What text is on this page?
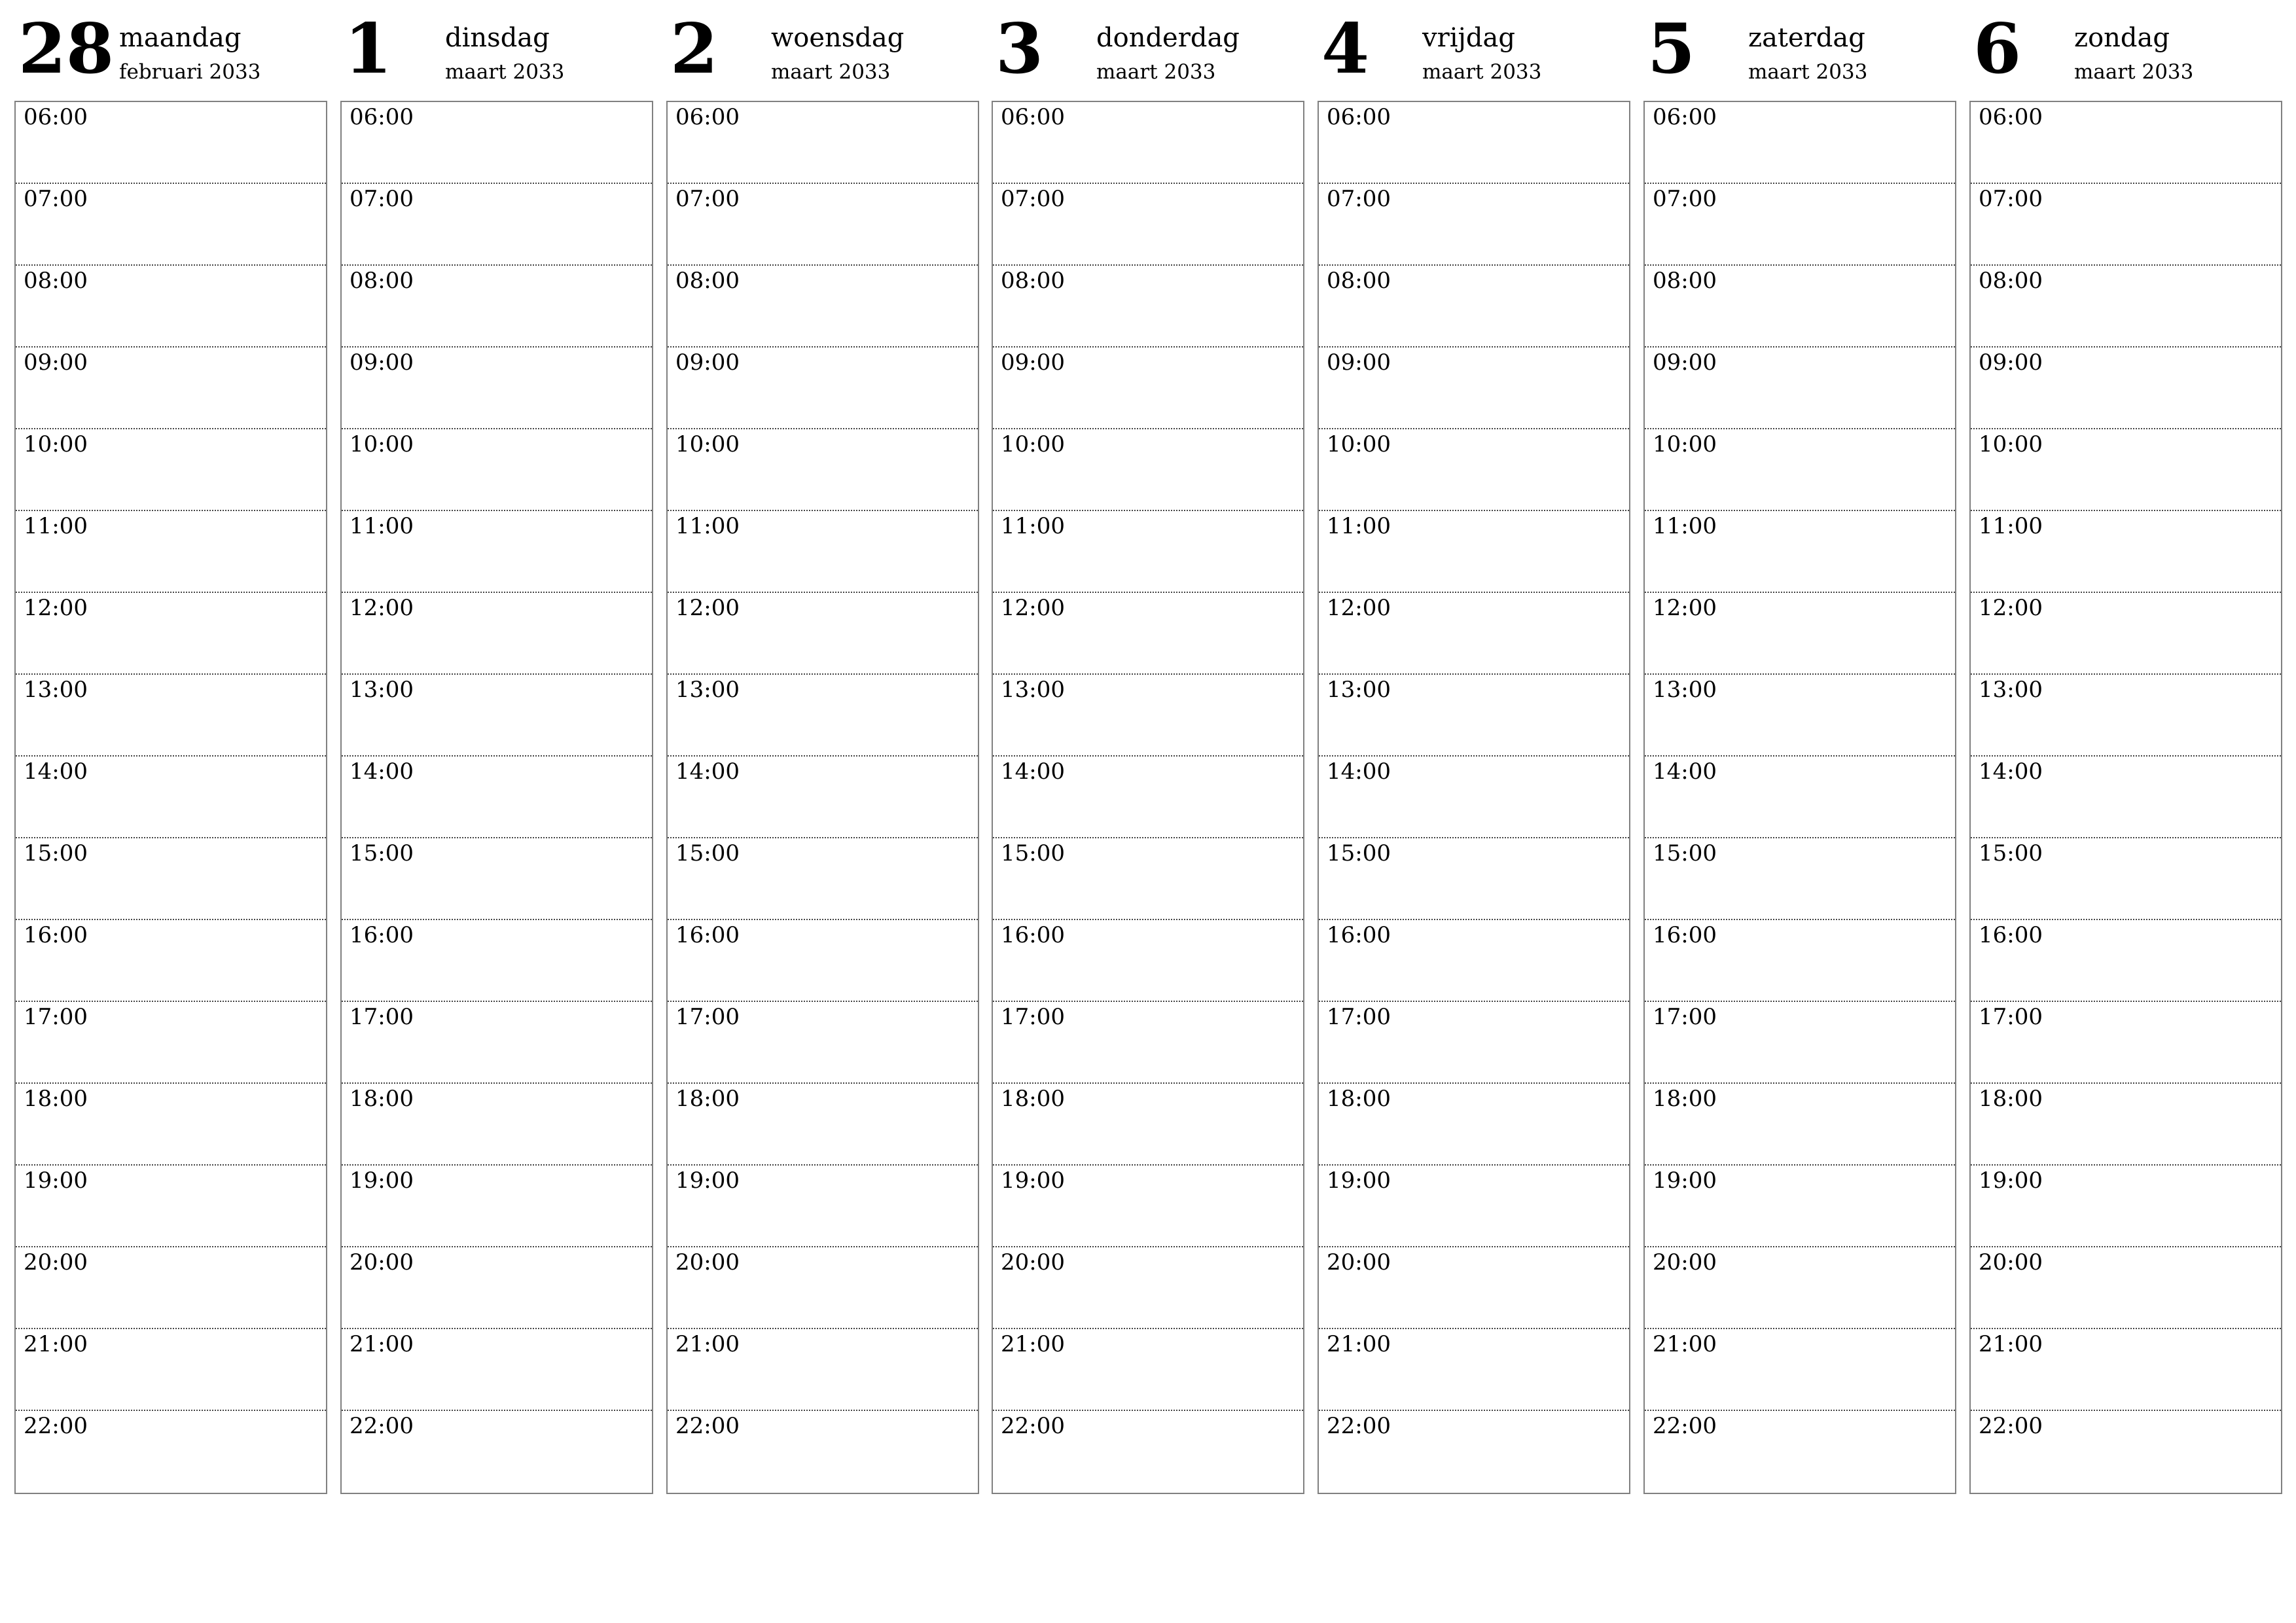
28 maandag
februari 2033
06:00
07:00
08:00
09:00
10:00
11:00
12:00
13:00
14:00
15:00
16:00
17:00
18:00
19:00
20:00
21:00
22:00
1 dinsdag
maart 2033
06:00
07:00
08:00
09:00
10:00
11:00
12:00
13:00
14:00
15:00
16:00
17:00
18:00
19:00
20:00
21:00
22:00
2 woensdag
maart 2033
06:00
07:00
08:00
09:00
10:00
11:00
12:00
13:00
14:00
15:00
16:00
17:00
18:00
19:00
20:00
21:00
22:00
3 donderdag
maart 2033
06:00
07:00
08:00
09:00
10:00
11:00
12:00
13:00
14:00
15:00
16:00
17:00
18:00
19:00
20:00
21:00
22:00
4 vrijdag
maart 2033
06:00
07:00
08:00
09:00
10:00
11:00
12:00
13:00
14:00
15:00
16:00
17:00
18:00
19:00
20:00
21:00
22:00
5 zaterdag
maart 2033
06:00
07:00
08:00
09:00
10:00
11:00
12:00
13:00
14:00
15:00
16:00
17:00
18:00
19:00
20:00
21:00
22:00
6 zondag
maart 2033
06:00
07:00
08:00
09:00
10:00
11:00
12:00
13:00
14:00
15:00
16:00
17:00
18:00
19:00
20:00
21:00
22:00
